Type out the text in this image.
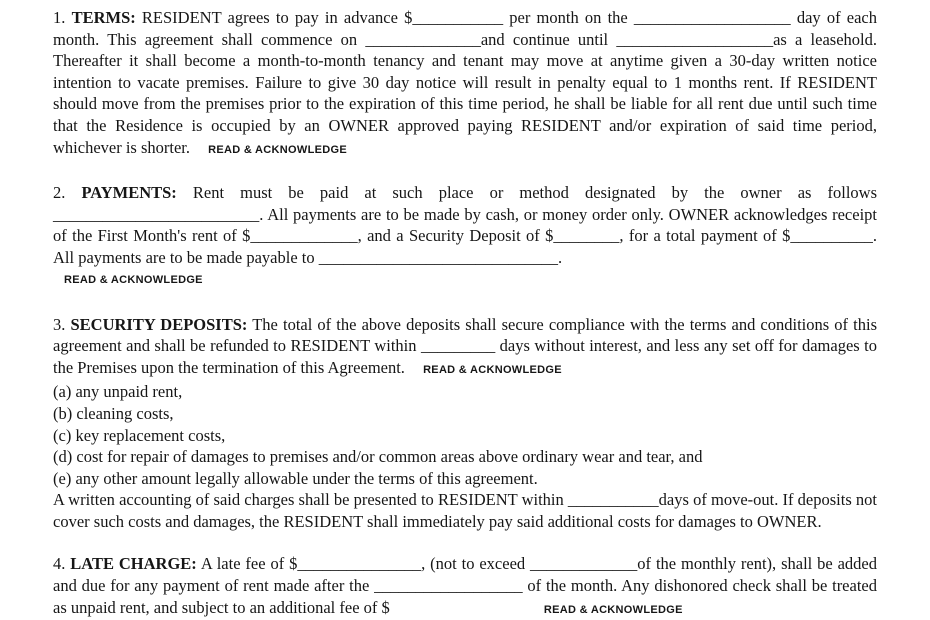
1. TERMS: RESIDENT agrees to pay in advance $___________ per month on the ___________________ day of each month. This agreement shall commence on ______________and continue until ___________________as a leasehold. Thereafter it shall become a month-to-month tenancy and tenant may move at anytime given a 30-day written notice intention to vacate premises. Failure to give 30 day notice will result in penalty equal to 1 months rent. If RESIDENT should move from the premises prior to the expiration of this time period, he shall be liable for all rent due until such time that the Residence is occupied by an OWNER approved paying RESIDENT and/or expiration of said time period, whichever is shorter. READ & ACKNOWLEDGE

2. PAYMENTS: Rent must be paid at such place or method designated by the owner as follows _________________________. All payments are to be made by cash, or money order only. OWNER acknowledges receipt of the First Month's rent of $_____________, and a Security Deposit of $________, for a total payment of $__________. All payments are to be made payable to _____________________________.

READ & ACKNOWLEDGE

3. SECURITY DEPOSITS: The total of the above deposits shall secure compliance with the terms and conditions of this agreement and shall be refunded to RESIDENT within _________ days without interest, and less any set off for damages to the Premises upon the termination of this Agreement. READ & ACKNOWLEDGE

(a) any unpaid rent,
(b) cleaning costs,
(c) key replacement costs,
(d) cost for repair of damages to premises and/or common areas above ordinary wear and tear, and
(e) any other amount legally allowable under the terms of this agreement.

A written accounting of said charges shall be presented to RESIDENT within ___________days of move-out. If deposits not cover such costs and damages, the RESIDENT shall immediately pay said additional costs for damages to OWNER.

4. LATE CHARGE: A late fee of $_______________, (not to exceed _____________of the monthly rent), shall be added and due for any payment of rent made after the __________________ of the month. Any dishonored check shall be treated as unpaid rent, and subject to an additional fee of $	READ & ACKNOWLEDGE
